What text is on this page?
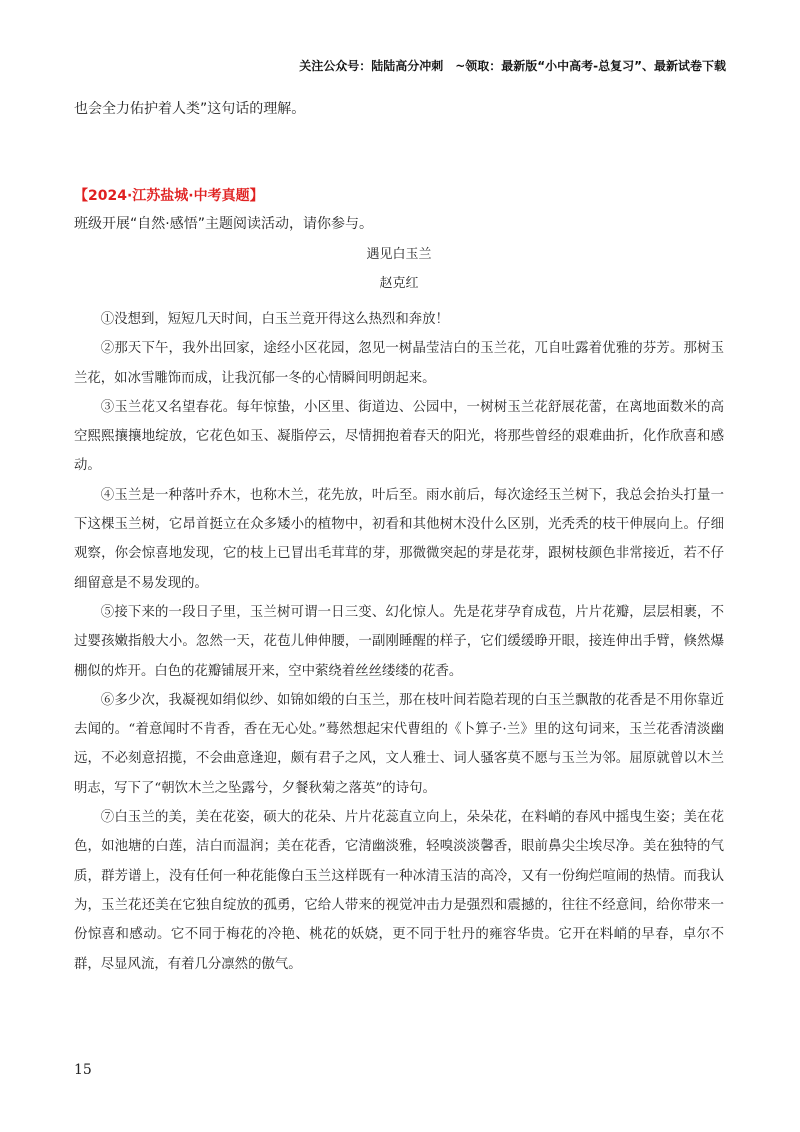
关注公众号：陆陆高分冲刺　~领取：最新版“小中高考-总复习”、最新试卷下载
也会全力佑护着人类”这句话的理解。
【2024·江苏盐城·中考真题】
班级开展“自然·感悟”主题阅读活动，请你参与。
遇见白玉兰
赵克红

①没想到，短短几天时间，白玉兰竟开得这么热烈和奔放！

②那天下午，我外出回家，途经小区花园，忽见一树晶莹洁白的玉兰花，兀自吐露着优雅的芬芳。那树玉兰花，如冰雪雕饰而成，让我沉郁一冬的心情瞬间明朗起来。

③玉兰花又名望春花。每年惊蛰，小区里、街道边、公园中，一树树玉兰花舒展花蕾，在离地面数米的高空熙熙攘攘地绽放，它花色如玉、凝脂停云，尽情拥抱着春天的阳光，将那些曾经的艰难曲折，化作欣喜和感动。

④玉兰是一种落叶乔木，也称木兰，花先放，叶后至。雨水前后，每次途经玉兰树下，我总会抬头打量一下这棵玉兰树，它昂首挺立在众多矮小的植物中，初看和其他树木没什么区别，光秃秃的枝干伸展向上。仔细观察，你会惊喜地发现，它的枝上已冒出毛茸茸的芽，那微微突起的芽是花芽，跟树枝颜色非常接近，若不仔细留意是不易发现的。

⑤接下来的一段日子里，玉兰树可谓一日三变、幻化惊人。先是花芽孕育成苞，片片花瓣，层层相裹，不过婴孩嫩指般大小。忽然一天，花苞儿伸伸腰，一副刚睡醒的样子，它们缓缓睁开眼，接连伸出手臂，倏然爆棚似的炸开。白色的花瓣铺展开来，空中萦绕着丝丝缕缕的花香。

⑥多少次，我凝视如绢似纱、如锦如缎的白玉兰，那在枝叶间若隐若现的白玉兰飘散的花香是不用你靠近去闻的。“着意闻时不肯香，香在无心处。”蓦然想起宋代曹组的《卜算子·兰》里的这句词来，玉兰花香清淡幽远，不必刻意招揽，不会曲意逢迎，颇有君子之风，文人雅士、词人骚客莫不愿与玉兰为邻。屈原就曾以木兰明志，写下了“朝饮木兰之坠露兮，夕餐秋菊之落英”的诗句。

⑦白玉兰的美，美在花姿，硕大的花朵、片片花蕊直立向上，朵朵花，在料峭的春风中摇曳生姿；美在花色，如池塘的白莲，洁白而温润；美在花香，它清幽淡雅，轻嗅淡淡馨香，眼前鼻尖尘埃尽净。美在独特的气质，群芳谱上，没有任何一种花能像白玉兰这样既有一种冰清玉洁的高冷，又有一份绚烂喧闹的热情。而我认为，玉兰花还美在它独自绽放的孤勇，它给人带来的视觉冲击力是强烈和震撼的，往往不经意间，给你带来一份惊喜和感动。它不同于梅花的冷艳、桃花的妖娆，更不同于牡丹的雍容华贵。它开在料峭的早春，卓尔不群，尽显风流，有着几分凛然的傲气。

15
